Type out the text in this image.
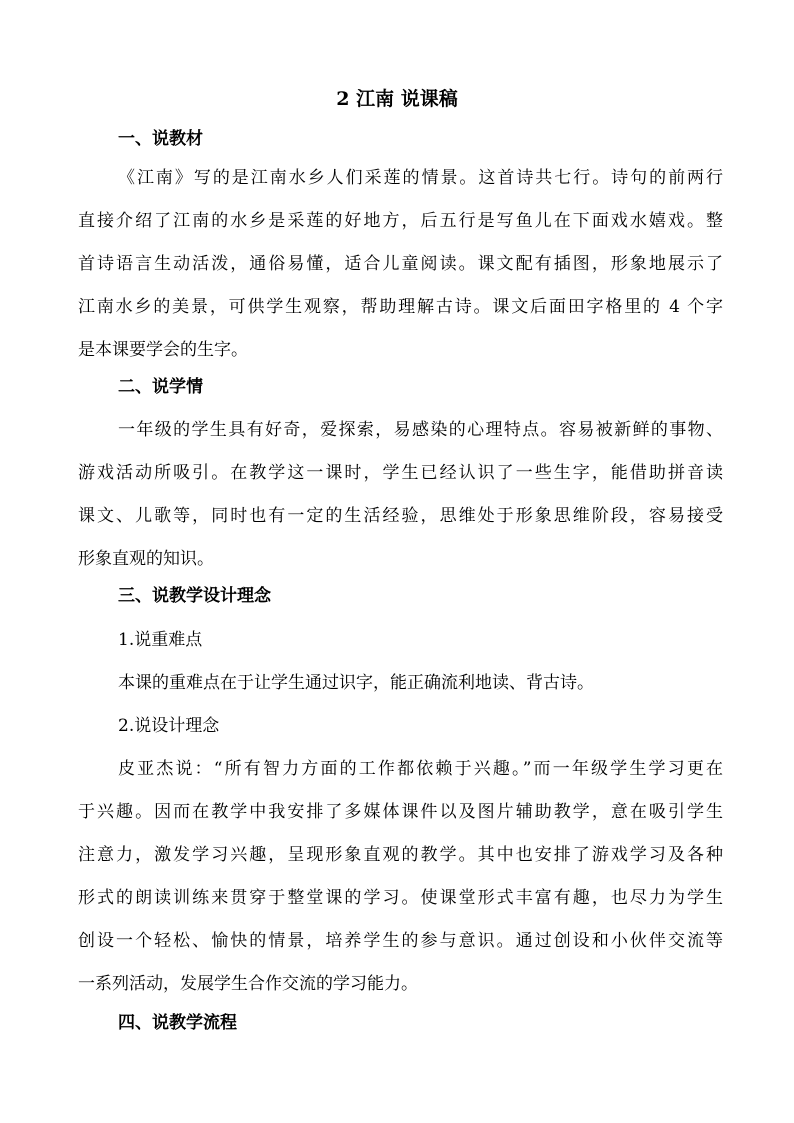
2 江南 说课稿
一、说教材
《江南》写的是江南水乡人们采莲的情景。这首诗共七行。诗句的前两行
直接介绍了江南的水乡是采莲的好地方，后五行是写鱼儿在下面戏水嬉戏。整
首诗语言生动活泼，通俗易懂，适合儿童阅读。课文配有插图，形象地展示了
江南水乡的美景，可供学生观察，帮助理解古诗。课文后面田字格里的 4 个字
是本课要学会的生字。
二、说学情
一年级的学生具有好奇，爱探索，易感染的心理特点。容易被新鲜的事物、
游戏活动所吸引。在教学这一课时，学生已经认识了一些生字，能借助拼音读
课文、儿歌等，同时也有一定的生活经验，思维处于形象思维阶段，容易接受
形象直观的知识。
三、说教学设计理念
1.说重难点
本课的重难点在于让学生通过识字，能正确流利地读、背古诗。
2.说设计理念
皮亚杰说：“所有智力方面的工作都依赖于兴趣。”而一年级学生学习更在
于兴趣。因而在教学中我安排了多媒体课件以及图片辅助教学，意在吸引学生
注意力，激发学习兴趣，呈现形象直观的教学。其中也安排了游戏学习及各种
形式的朗读训练来贯穿于整堂课的学习。使课堂形式丰富有趣，也尽力为学生
创设一个轻松、愉快的情景，培养学生的参与意识。通过创设和小伙伴交流等
一系列活动，发展学生合作交流的学习能力。
四、说教学流程
